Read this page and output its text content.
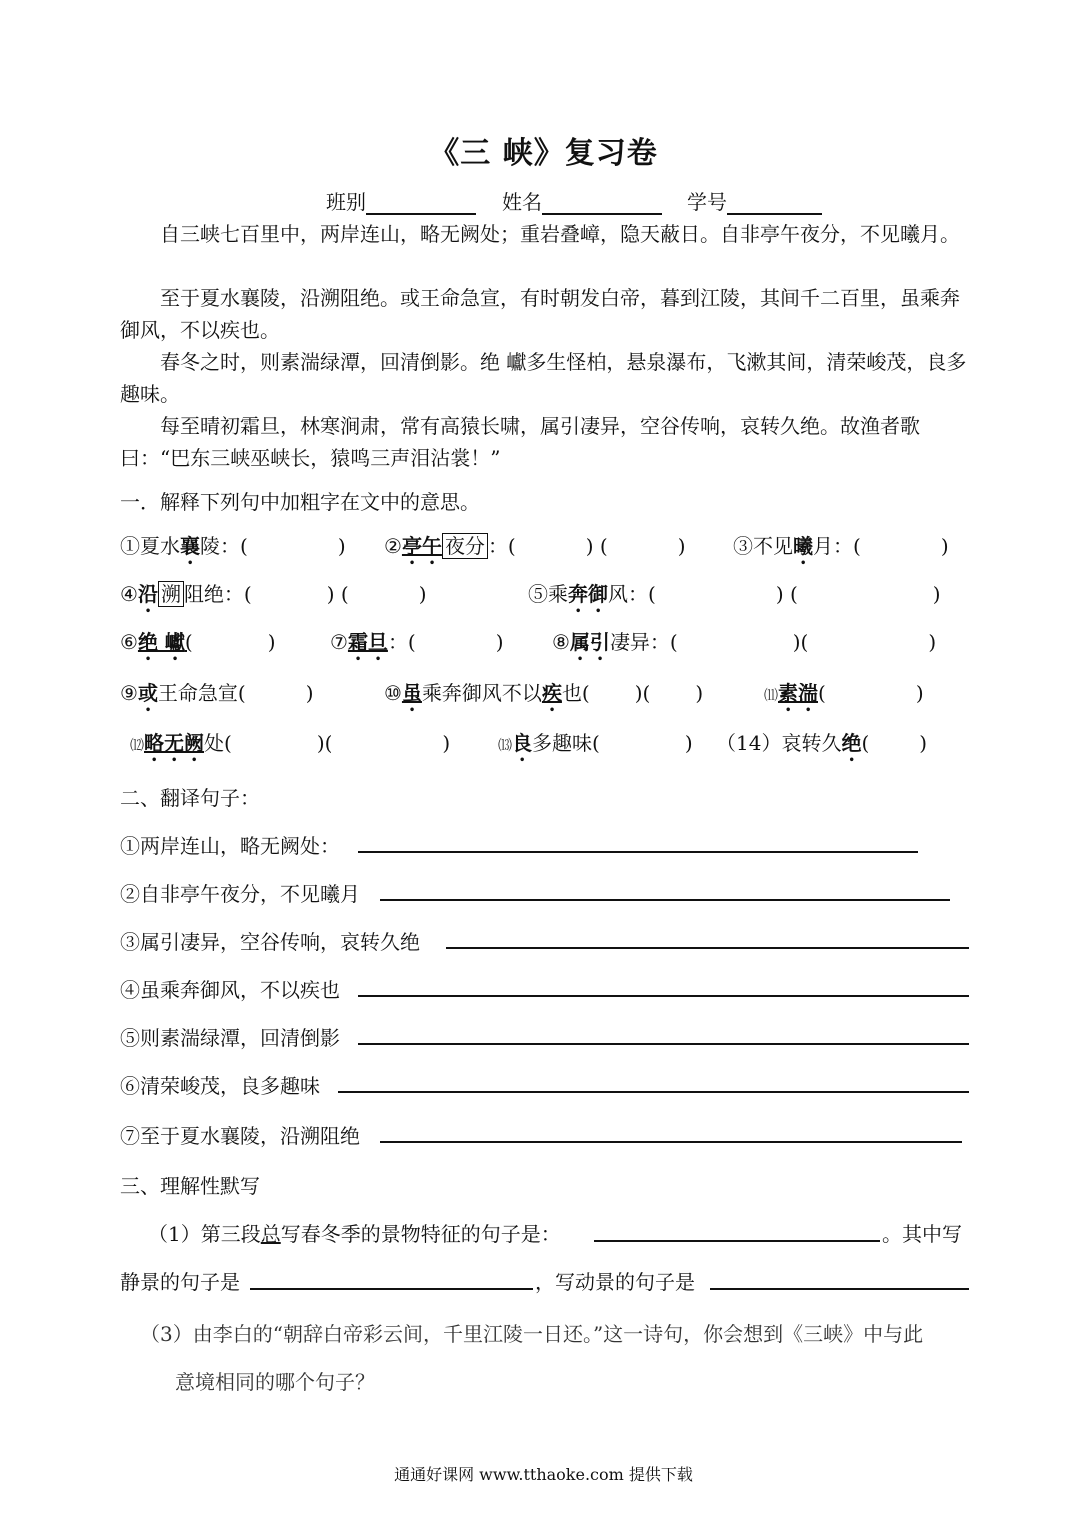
《三 峡》复习卷
班别	姓名	学号
自三峡七百里中，两岸连山，略无阙处；重岩叠嶂，隐天蔽日。自非亭午夜分，不见曦月。
至于夏水襄陵，沿溯阻绝。或王命急宣，有时朝发白帝，暮到江陵，其间千二百里，虽乘奔御风，不以疾也。
春冬之时，则素湍绿潭，回清倒影。绝 巘多生怪柏，悬泉瀑布，飞漱其间，清荣峻茂，良多趣味。
每至晴初霜旦，林寒涧肃，常有高猿长啸，属引凄异，空谷传响，哀转久绝。故渔者歌曰：“巴东三峡巫峡长，猿鸣三声泪沾裳！”
一．解释下列句中加粗字在文中的意思。
①夏水襄陵：(	) ②亭午 夜分 ：(	) (	) ③不见曦月：(	)
④沿 溯 阻绝：(	) (	)	⑤乘奔御风：(	) (	)
⑥绝 巘(	)	⑦霜旦：(	) ⑧属引凄异：(	)(	)
⑨或王命急宣(	)	⑩虽乘奔御风不以疾也( )( )	⑾素湍(	)
⑿略无阙处(	)(	)	⒀良多趣味(	) （14）哀转久绝(	)
二、翻译句子：
①两岸连山，略无阙处：
②自非亭午夜分，不见曦月
③属引凄异，空谷传响，哀转久绝
④虽乘奔御风，不以疾也
⑤则素湍绿潭，回清倒影
⑥清荣峻茂，良多趣味
⑦至于夏水襄陵，沿溯阻绝
三、理解性默写
（1）第三段总写春冬季的景物特征的句子是：	。其中写
静景的句子是	，写动景的句子是
（3）由李白的“朝辞白帝彩云间，千里江陵一日还。”这一诗句，你会想到《三峡》中与此
意境相同的哪个句子？
通通好课网 www.tthaoke.com 提供下载
